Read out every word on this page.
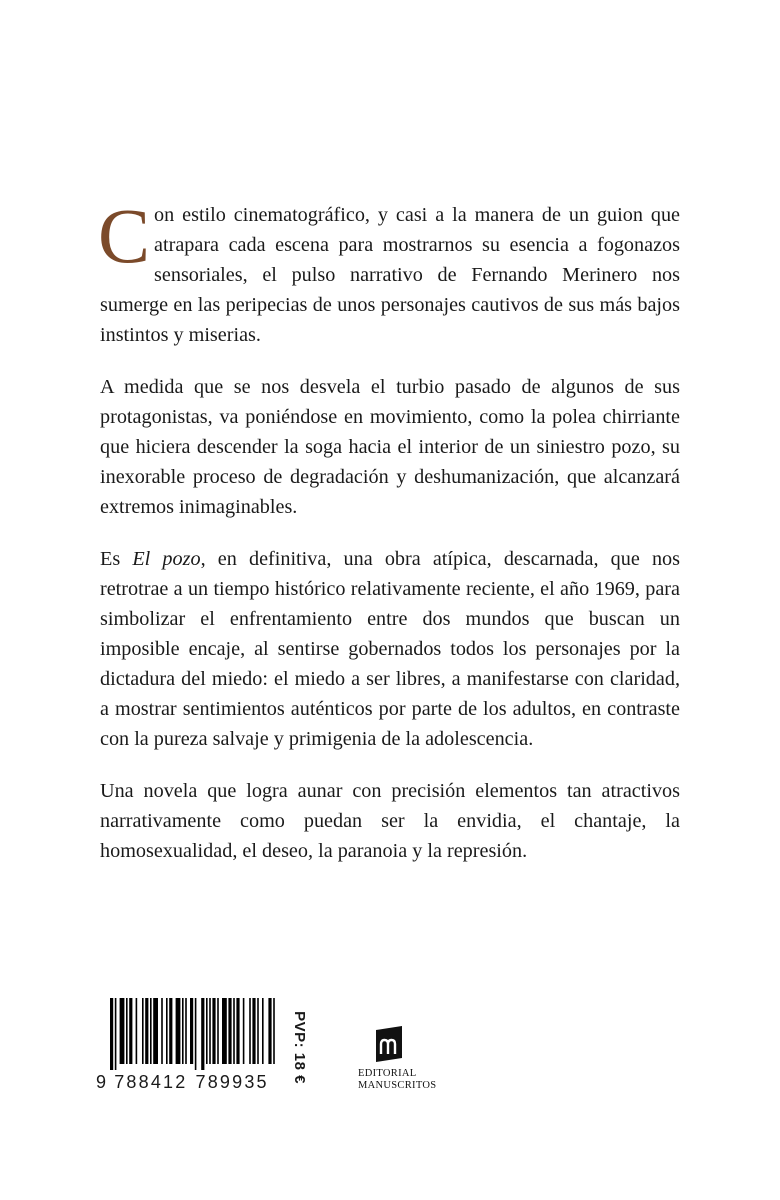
Con estilo cinematográfico, y casi a la manera de un guion que atrapara cada escena para mostrarnos su esencia a fogonazos sensoriales, el pulso narrativo de Fernando Merinero nos sumerge en las peripecias de unos personajes cautivos de sus más bajos instintos y miserias.

A medida que se nos desvela el turbio pasado de algunos de sus protagonistas, va poniéndose en movimiento, como la polea chirriante que hiciera descender la soga hacia el interior de un siniestro pozo, su inexorable proceso de degradación y deshumanización, que alcanzará extremos inimaginables.

Es El pozo, en definitiva, una obra atípica, descarnada, que nos retrotrae a un tiempo histórico relativamente reciente, el año 1969, para simbolizar el enfrentamiento entre dos mundos que buscan un imposible encaje, al sentirse gobernados todos los personajes por la dictadura del miedo: el miedo a ser libres, a manifestarse con claridad, a mostrar sentimientos auténticos por parte de los adultos, en contraste con la pureza salvaje y primigenia de la adolescencia.

Una novela que logra aunar con precisión elementos tan atractivos narrativamente como puedan ser la envidia, el chantaje, la homosexualidad, el deseo, la paranoia y la represión.

9 788412 789935 PVP: 18 €	EDITORIAL
MANUSCRITOS
